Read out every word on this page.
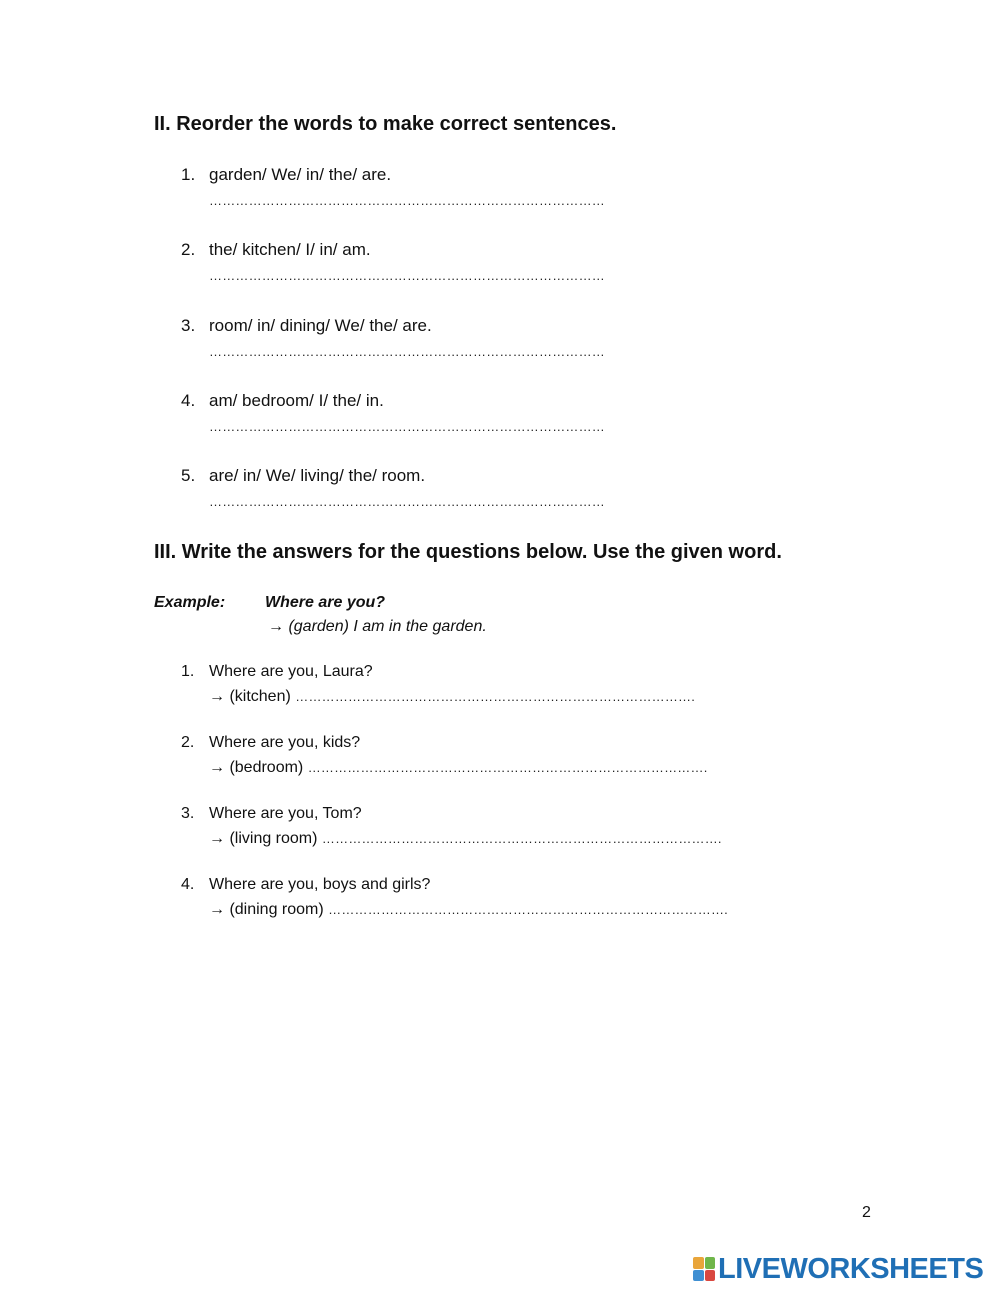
II. Reorder the words to make correct sentences.
1. garden/ We/ in/ the/ are.
………………………………………………………………………………
2. the/ kitchen/ I/ in/ am.
………………………………………………………………………………
3. room/ in/ dining/ We/ the/ are.
………………………………………………………………………………
4. am/ bedroom/ I/ the/ in.
………………………………………………………………………………
5. are/ in/ We/ living/ the/ room.
………………………………………………………………………………
III. Write the answers for the questions below. Use the given word.
Example: Where are you?
→ (garden) I am in the garden.
1. Where are you, Laura?
→ (kitchen) ……………………………………………………………………………….
2. Where are you, kids?
→ (bedroom) ……………………………………………………………………………….
3. Where are you, Tom?
→ (living room) ……………………………………………………………………………….
4. Where are you, boys and girls?
→ (dining room) ……………………………………………………………………………….
2
LIVEWORKSHEETS
